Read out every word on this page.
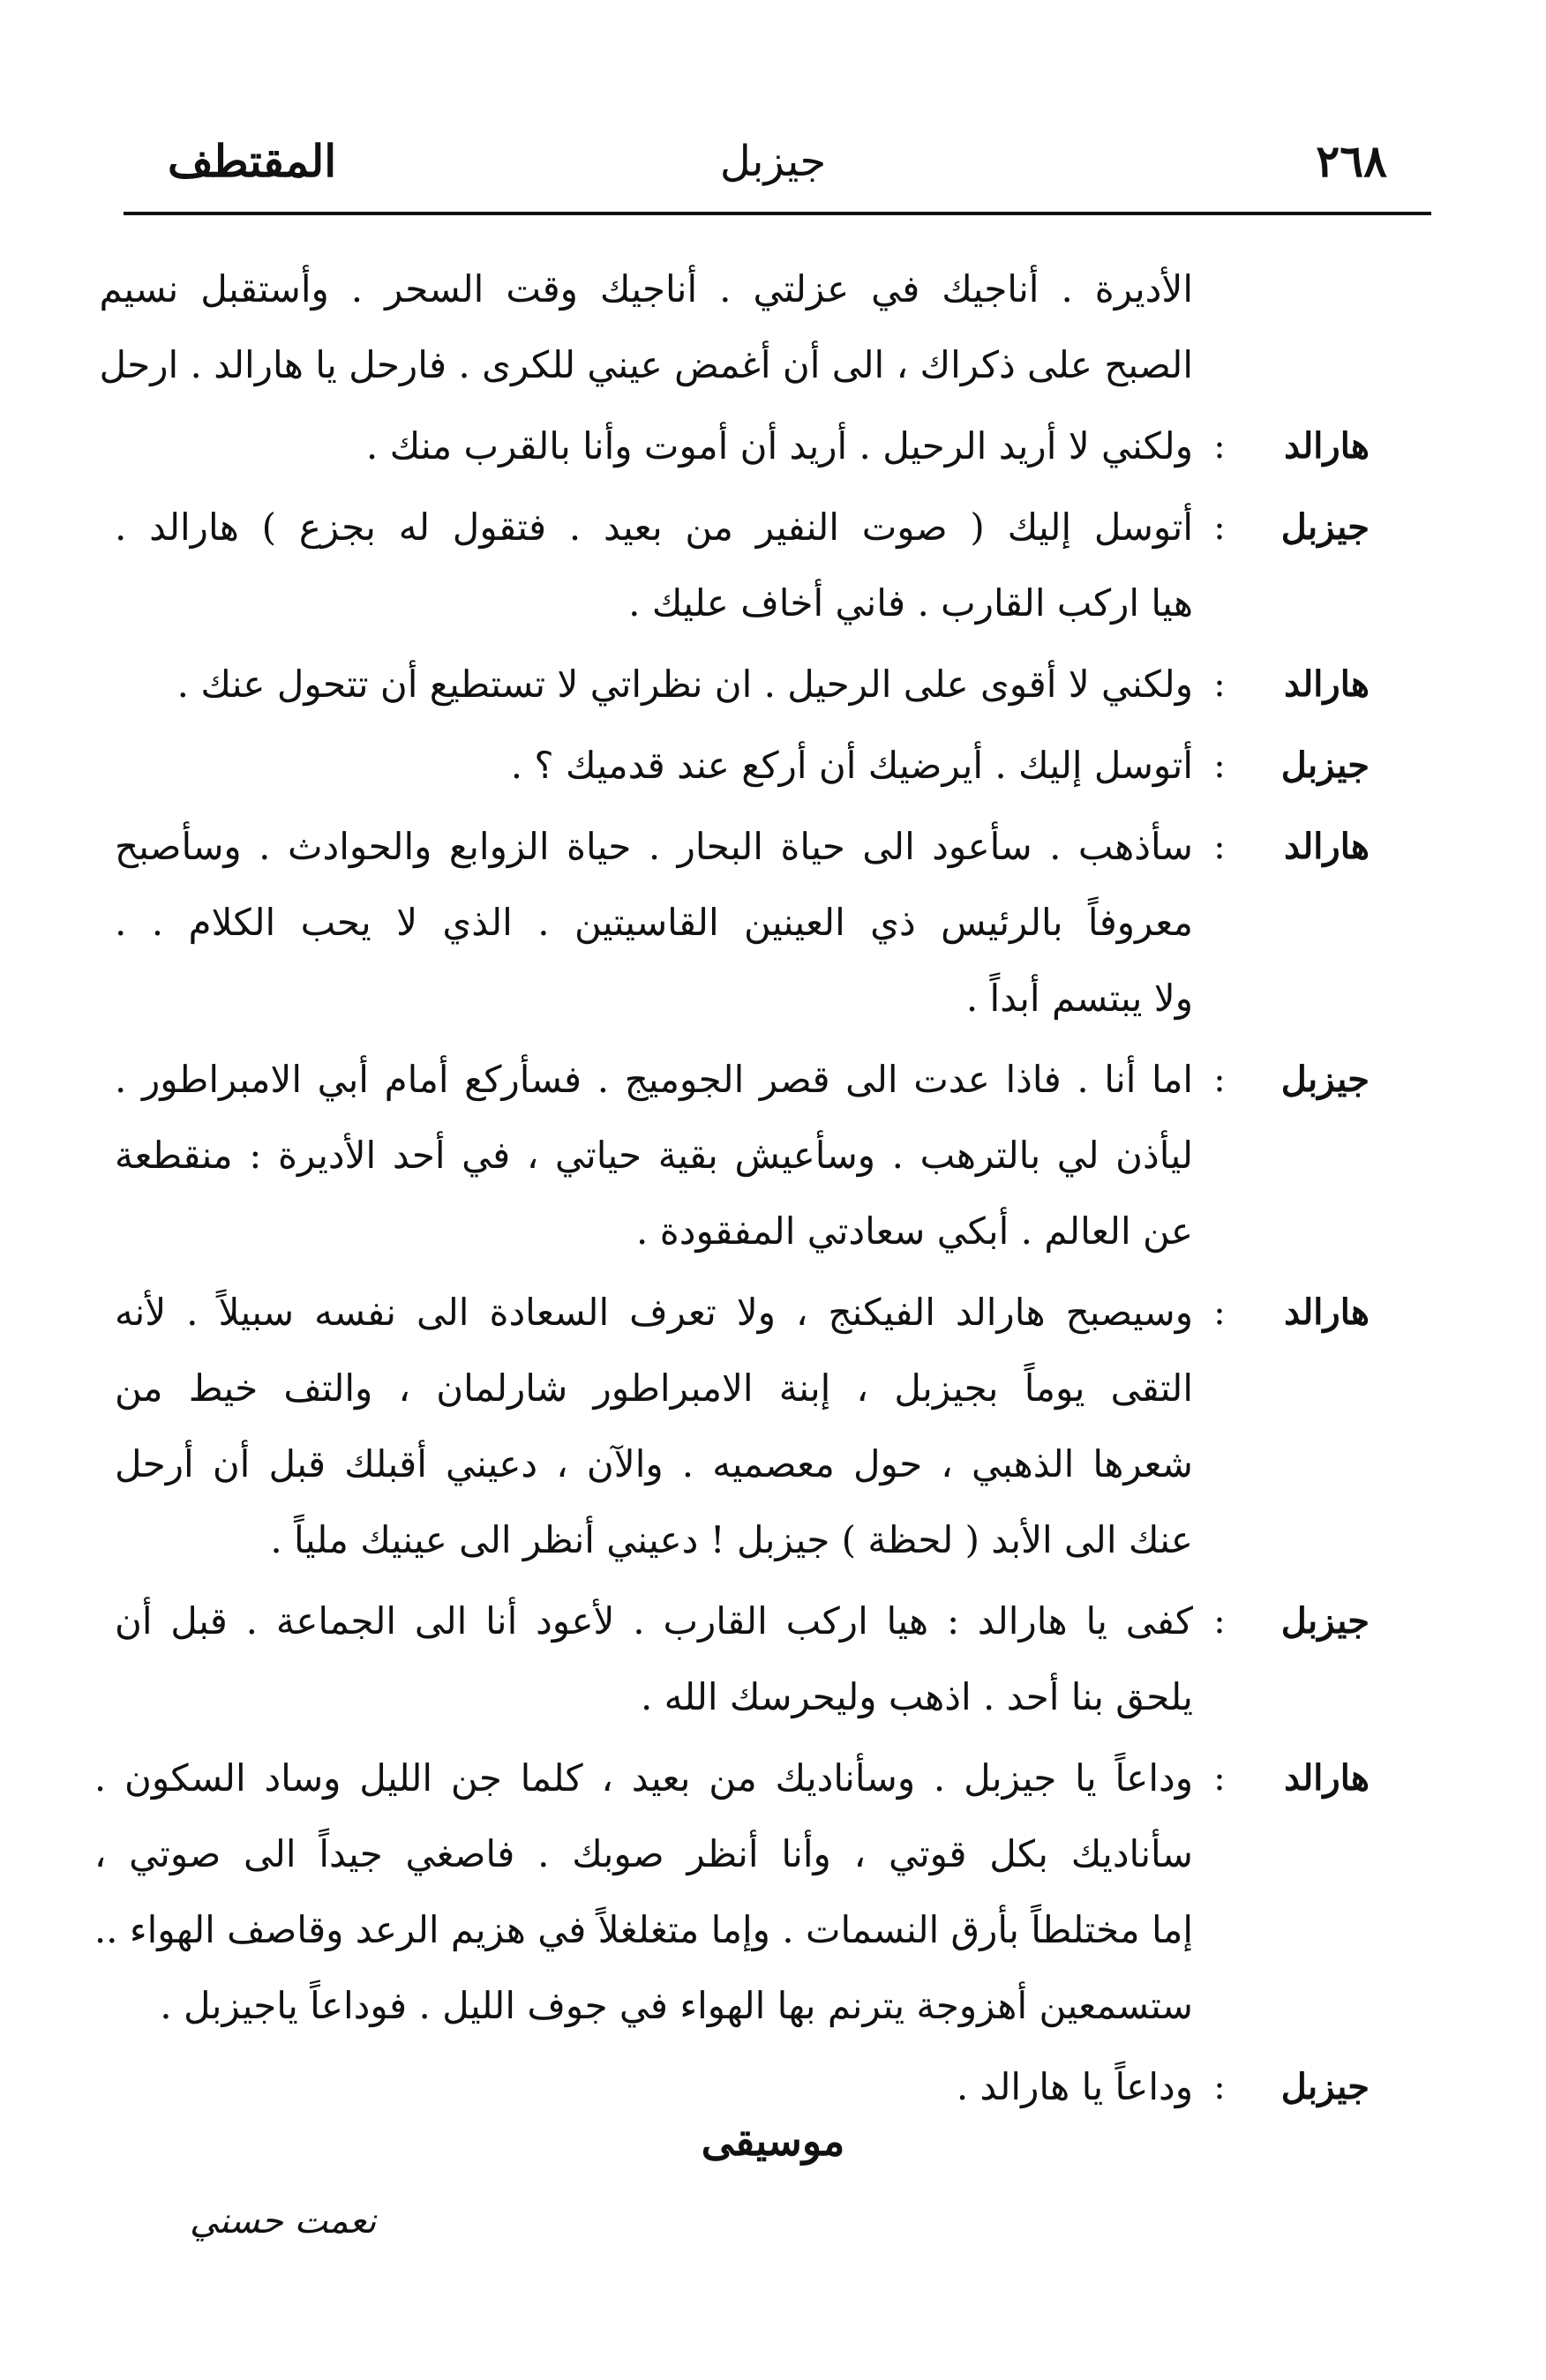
المقتطف	جيزبل	٢٦٨
الأديرة . أناجيك في عزلتي . أناجيك وقت السحر . وأستقبل نسيم
الصبح على ذكراك ، الى أن أغمض عيني للكرى . فارحل يا هارالد . ارحل
هارالد
:
ولكني لا أريد الرحيل . أريد أن أموت وأنا بالقرب منك .
جيزبل
:
أتوسل إليك ( صوت النفير من بعيد . فتقول له بجزع ) هارالد .
هيا اركب القارب . فاني أخاف عليك .
هارالد
:
ولكني لا أقوى على الرحيل . ان نظراتي لا تستطيع أن تتحول عنك .
جيزبل
:
أتوسل إليك . أيرضيك أن أركع عند قدميك ؟ .
هارالد
:
سأذهب . سأعود الى حياة البحار . حياة الزوابع والحوادث . وسأصبح
معروفاً بالرئيس ذي العينين القاسيتين . الذي لا يحب الكلام . .
ولا يبتسم أبداً .
جيزبل
:
اما أنا . فاذا عدت الى قصر الجوميج . فسأركع أمام أبي الامبراطور .
ليأذن لي بالترهب . وسأعيش بقية حياتي ، في أحد الأديرة : منقطعة
عن العالم . أبكي سعادتي المفقودة .
هارالد
:
وسيصبح هارالد الفيكنج ، ولا تعرف السعادة الى نفسه سبيلاً . لأنه
التقى يوماً بجيزبل ، إبنة الامبراطور شارلمان ، والتف خيط من
شعرها الذهبي ، حول معصميه . والآن ، دعيني أقبلك قبل أن أرحل
عنك الى الأبد ( لحظة ) جيزبل ! دعيني أنظر الى عينيك ملياً .
جيزبل
:
كفى يا هارالد : هيا اركب القارب . لأعود أنا الى الجماعة . قبل أن
يلحق بنا أحد . اذهب وليحرسك الله .
هارالد
:
وداعاً يا جيزبل . وسأناديك من بعيد ، كلما جن الليل وساد السكون .
سأناديك بكل قوتي ، وأنا أنظر صوبك . فاصغي جيداً الى صوتي ،
إما مختلطاً بأرق النسمات . وإما متغلغلاً في هزيم الرعد وقاصف الهواء ..
ستسمعين أهزوجة يترنم بها الهواء في جوف الليل . فوداعاً ياجيزبل .
جيزبل
:
وداعاً يا هارالد .
موسيقى
نعمت حسني
